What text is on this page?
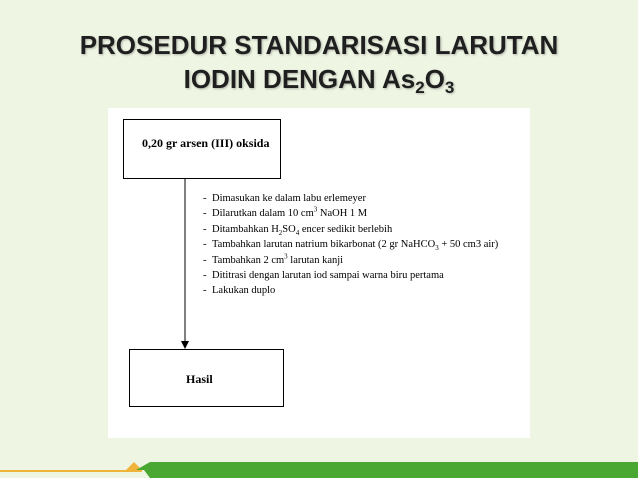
PROSEDUR STANDARISASI LARUTAN
IODIN DENGAN $As_2O_3$
0,20 gr arsen (III) oksida
- Dimasukan ke dalam labu erlemeyer
- Dilarutkan dalam 10 $cm^3$ NaOH 1 M
- Ditambahkan $H_2SO_4$ encer sedikit berlebih
- Tambahkan larutan natrium bikarbonat (2 gr NaHCO$_3$ + 50 cm3 air)
- Tambahkan 2 $cm^3$ larutan kanji
- Dititrasi dengan larutan iod sampai warna biru pertama
- Lakukan duplo
Hasil
